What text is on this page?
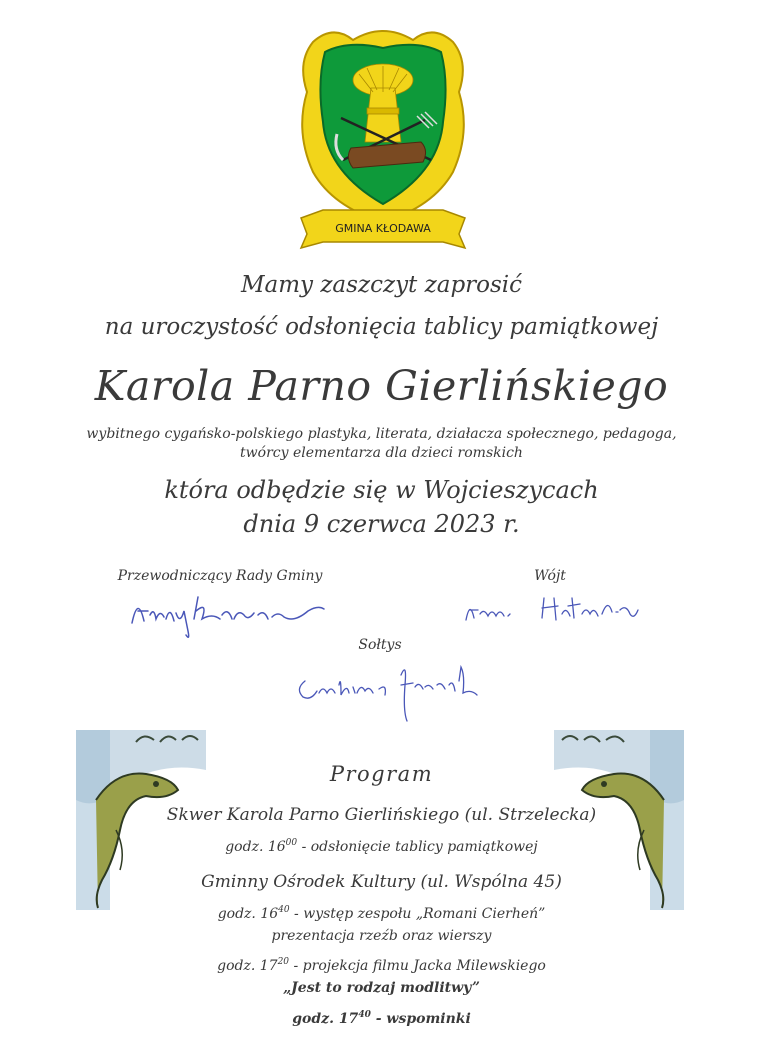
GMINA KŁODAWA
Mamy zaszczyt zaprosić
na uroczystość odsłonięcia tablicy pamiątkowej
Karola Parno Gierlińskiego
wybitnego cygańsko-polskiego plastyka, literata, działacza społecznego, pedagoga,
twórcy elementarza dla dzieci romskich
która odbędzie się w Wojcieszycach
dnia 9 czerwca 2023 r.
Przewodniczący Rady Gminy	Wójt
Sołtys
Program
Skwer Karola Parno Gierlińskiego (ul. Strzelecka)
godz. $16^{00}$ - odsłonięcie tablicy pamiątkowej
Gminny Ośrodek Kultury (ul. Wspólna 45)
godz. $16^{40}$ - występ zespołu „Romani Cierheń”
prezentacja rzeźb oraz wierszy
godz. $17^{20}$ - projekcja filmu Jacka Milewskiego
„Jest to rodzaj modlitwy”
godz. $17^{40}$ - wspominki
